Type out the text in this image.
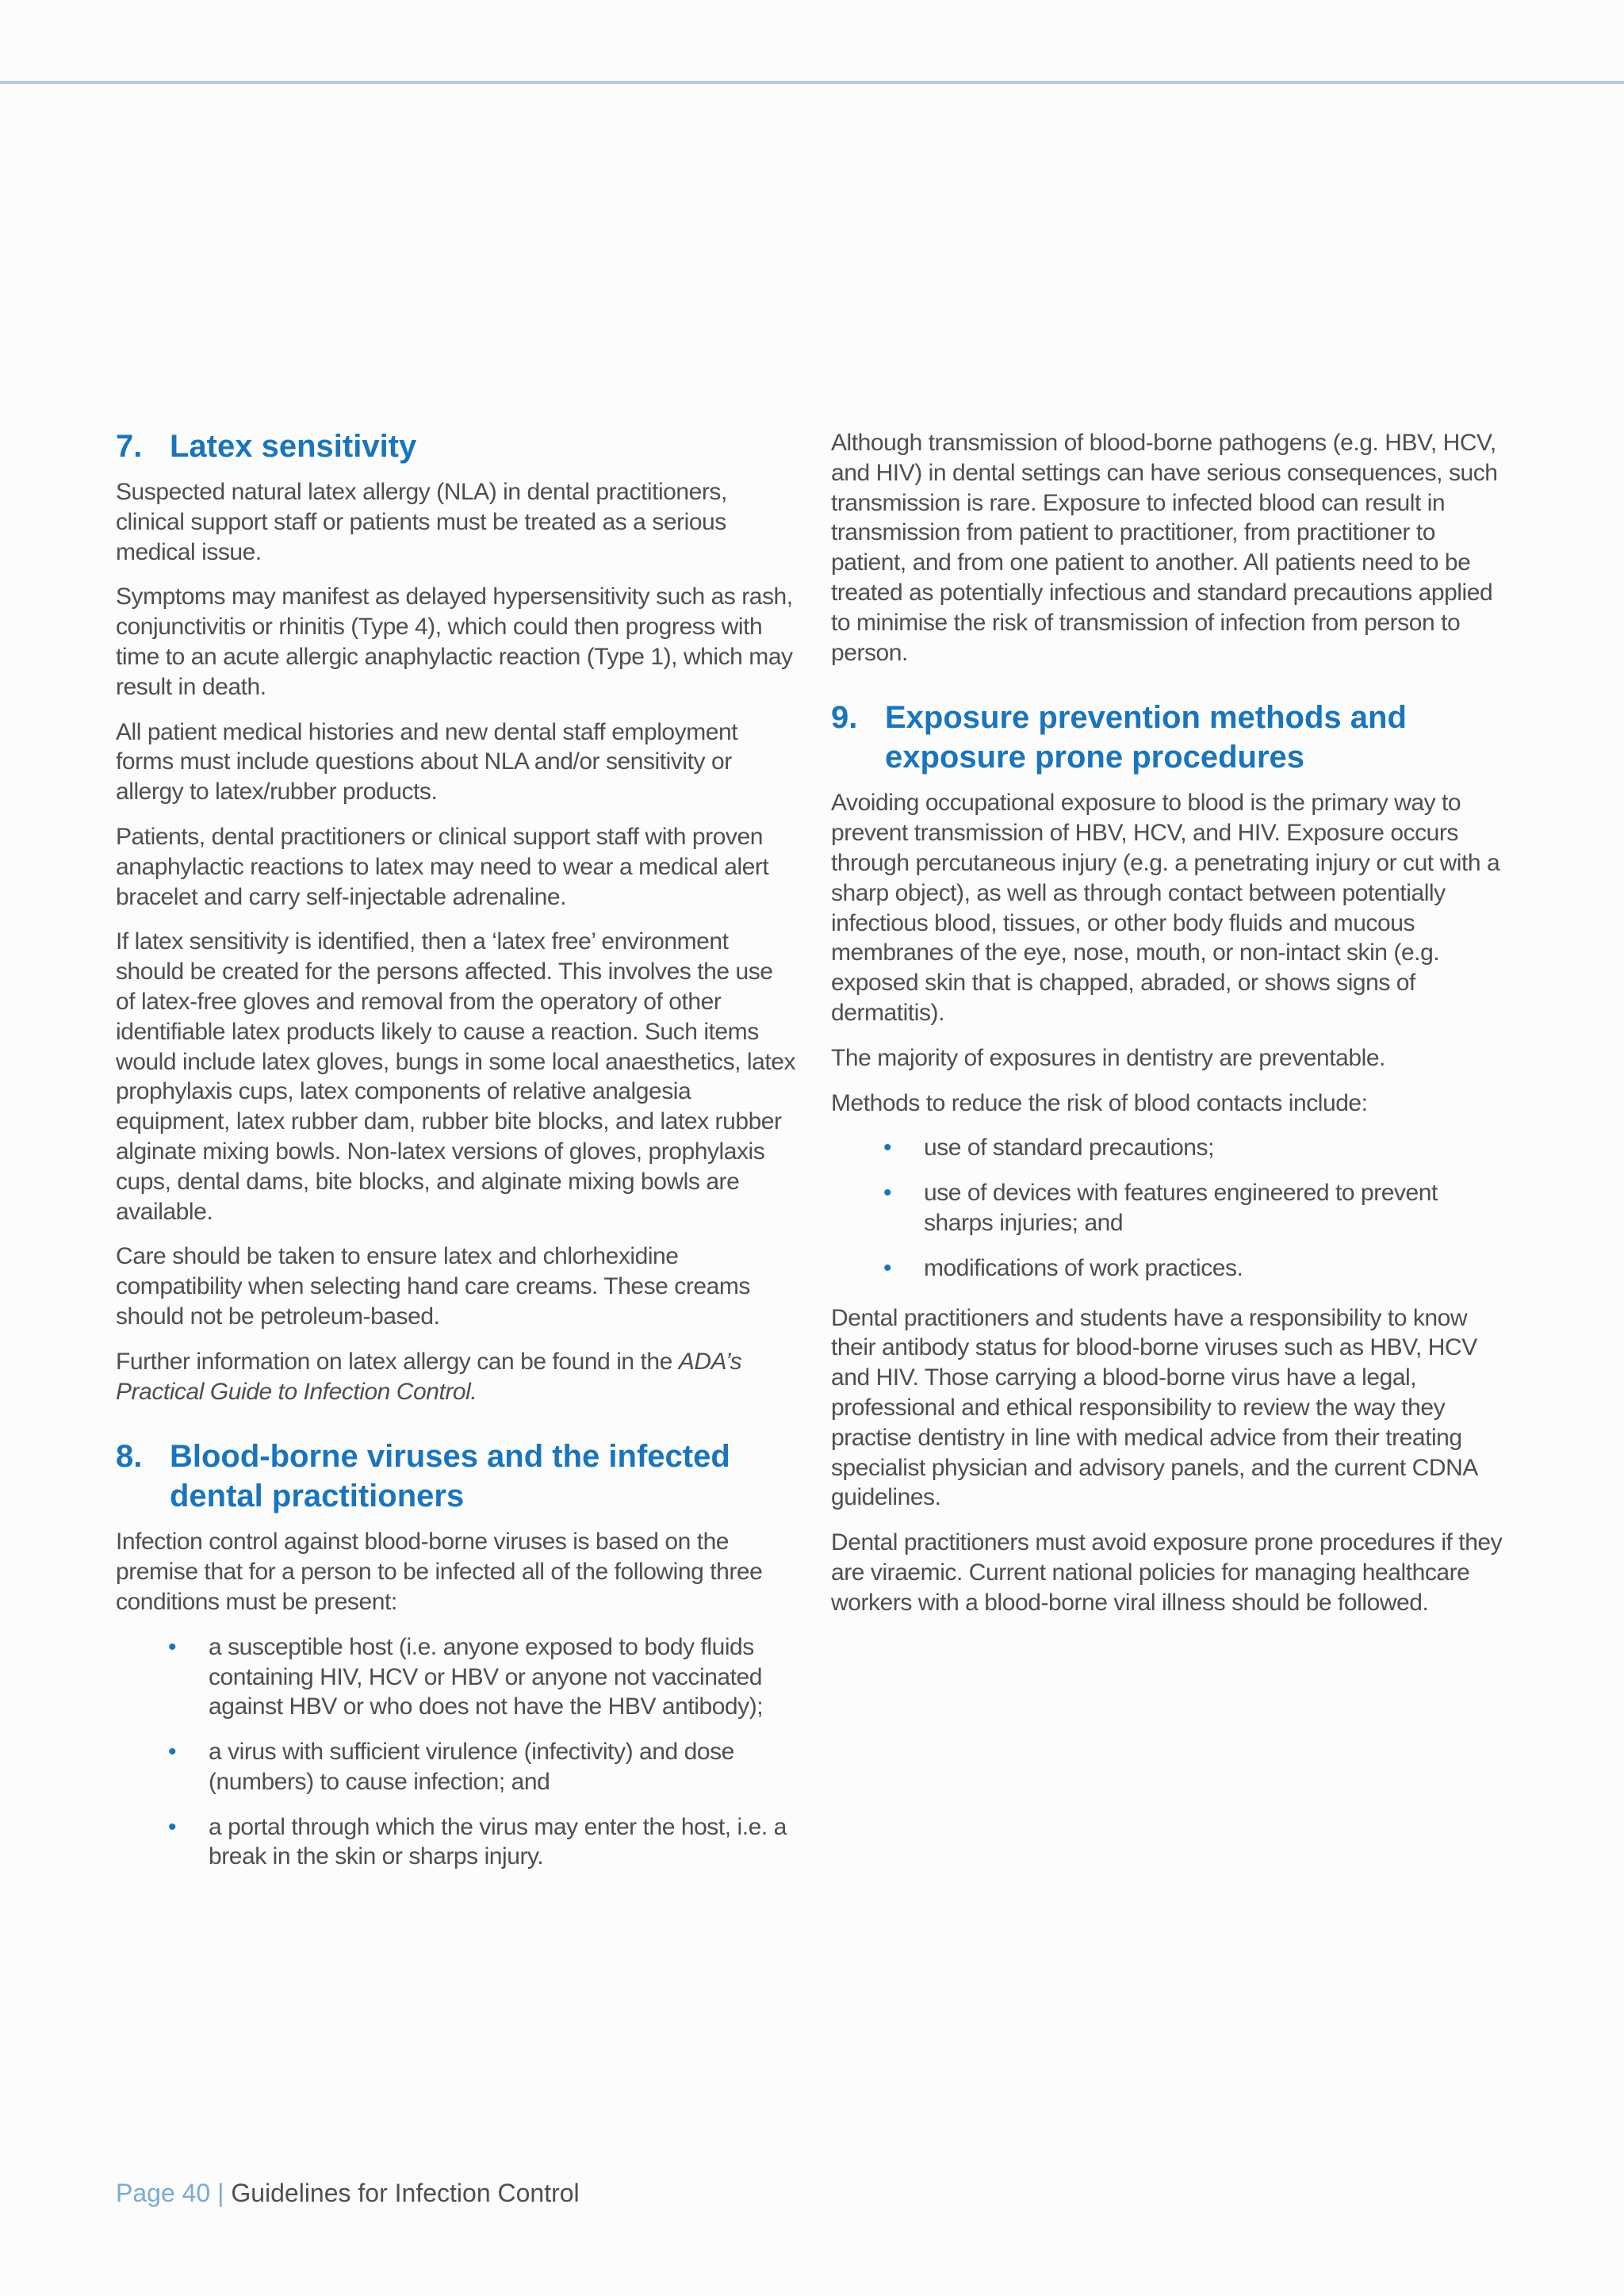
7. Latex sensitivity

Suspected natural latex allergy (NLA) in dental practitioners, clinical support staff or patients must be treated as a serious medical issue.

Symptoms may manifest as delayed hypersensitivity such as rash, conjunctivitis or rhinitis (Type 4), which could then progress with time to an acute allergic anaphylactic reaction (Type 1), which may result in death.

All patient medical histories and new dental staff employment forms must include questions about NLA and/or sensitivity or allergy to latex/rubber products.

Patients, dental practitioners or clinical support staff with proven anaphylactic reactions to latex may need to wear a medical alert bracelet and carry self-injectable adrenaline.

If latex sensitivity is identified, then a ‘latex free’ environment should be created for the persons affected. This involves the use of latex-free gloves and removal from the operatory of other identifiable latex products likely to cause a reaction. Such items would include latex gloves, bungs in some local anaesthetics, latex prophylaxis cups, latex components of relative analgesia equipment, latex rubber dam, rubber bite blocks, and latex rubber alginate mixing bowls. Non-latex versions of gloves, prophylaxis cups, dental dams, bite blocks, and alginate mixing bowls are available.

Care should be taken to ensure latex and chlorhexidine compatibility when selecting hand care creams. These creams should not be petroleum-based.

Further information on latex allergy can be found in the ADA’s Practical Guide to Infection Control.

8. Blood-borne viruses and the infected dental practitioners

Infection control against blood-borne viruses is based on the premise that for a person to be infected all of the following three conditions must be present:

• a susceptible host (i.e. anyone exposed to body fluids containing HIV, HCV or HBV or anyone not vaccinated against HBV or who does not have the HBV antibody);
• a virus with sufficient virulence (infectivity) and dose (numbers) to cause infection; and
• a portal through which the virus may enter the host, i.e. a break in the skin or sharps injury.

Although transmission of blood-borne pathogens (e.g. HBV, HCV, and HIV) in dental settings can have serious consequences, such transmission is rare. Exposure to infected blood can result in transmission from patient to practitioner, from practitioner to patient, and from one patient to another. All patients need to be treated as potentially infectious and standard precautions applied to minimise the risk of transmission of infection from person to person.

9. Exposure prevention methods and exposure prone procedures

Avoiding occupational exposure to blood is the primary way to prevent transmission of HBV, HCV, and HIV. Exposure occurs through percutaneous injury (e.g. a penetrating injury or cut with a sharp object), as well as through contact between potentially infectious blood, tissues, or other body fluids and mucous membranes of the eye, nose, mouth, or non-intact skin (e.g. exposed skin that is chapped, abraded, or shows signs of dermatitis).

The majority of exposures in dentistry are preventable.

Methods to reduce the risk of blood contacts include:

• use of standard precautions;
• use of devices with features engineered to prevent sharps injuries; and
• modifications of work practices.

Dental practitioners and students have a responsibility to know their antibody status for blood-borne viruses such as HBV, HCV and HIV. Those carrying a blood-borne virus have a legal, professional and ethical responsibility to review the way they practise dentistry in line with medical advice from their treating specialist physician and advisory panels, and the current CDNA guidelines.

Dental practitioners must avoid exposure prone procedures if they are viraemic. Current national policies for managing healthcare workers with a blood-borne viral illness should be followed.

Page 40 | Guidelines for Infection Control
